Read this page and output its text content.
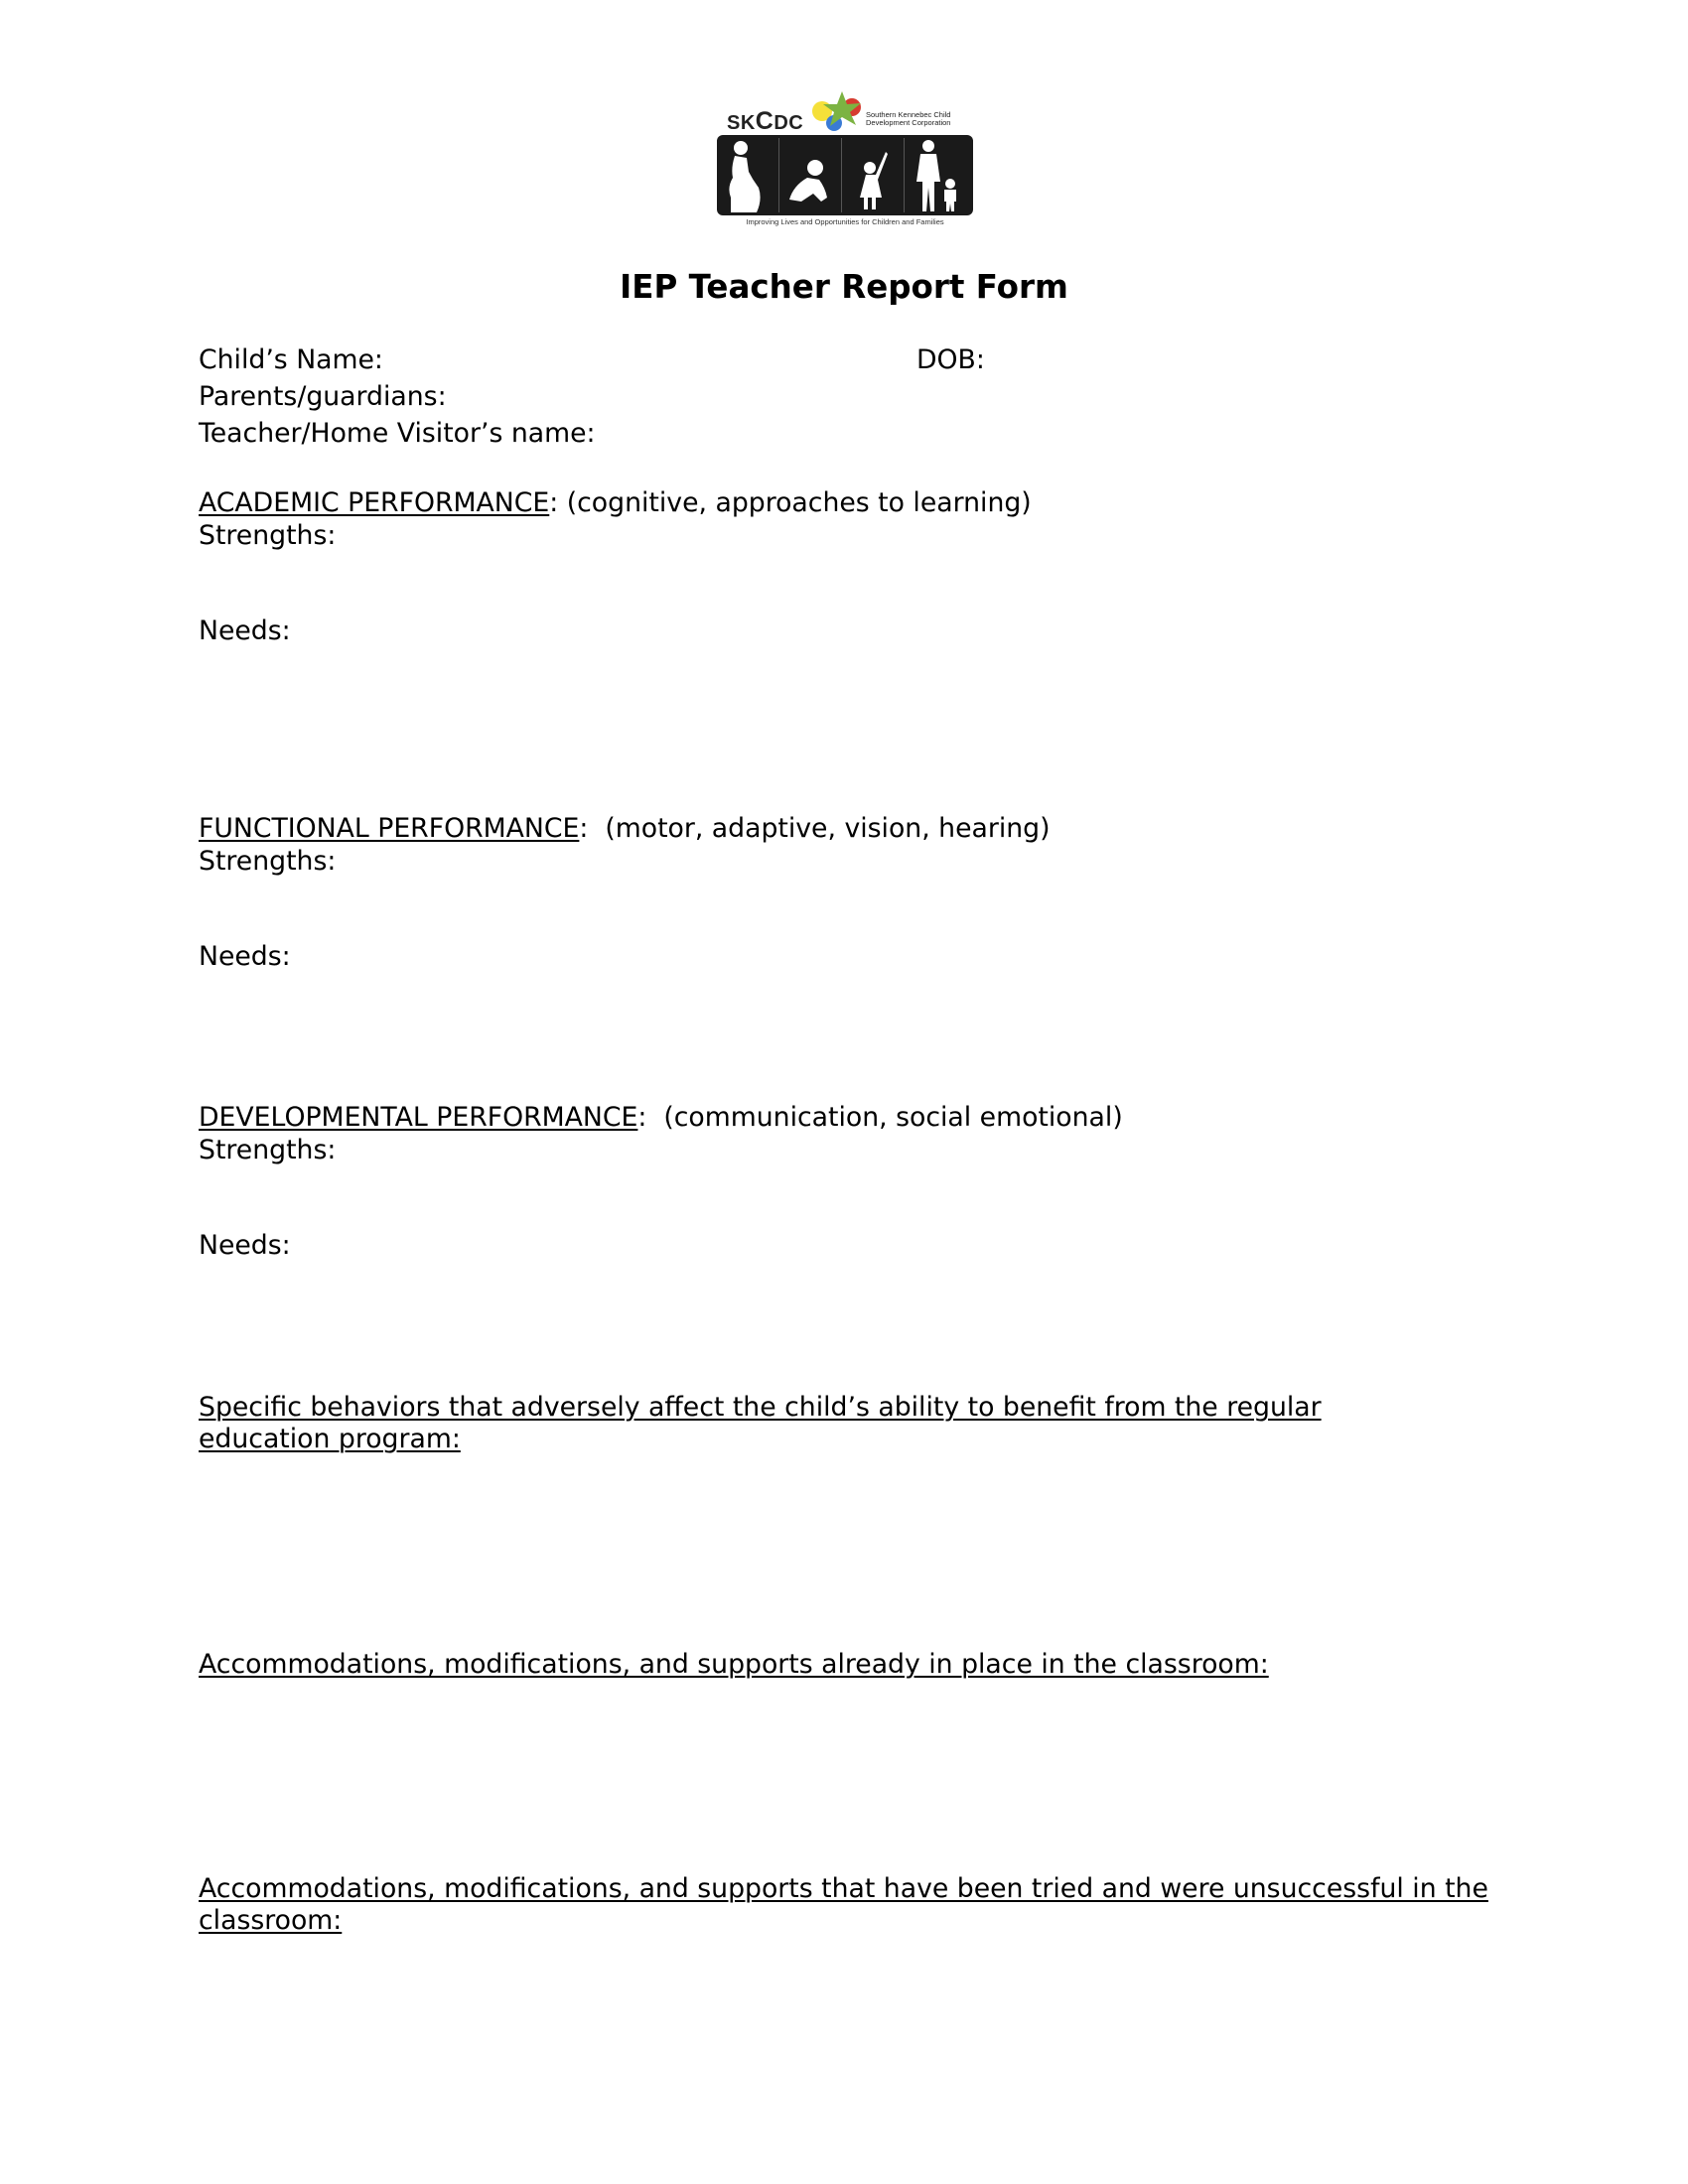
SKCDC	Southern Kennebec Child
Development Corporation
Improving Lives and Opportunities for Children and Families
IEP Teacher Report Form
Child’s Name:	DOB:
Parents/guardians:
Teacher/Home Visitor’s name:
ACADEMIC PERFORMANCE: (cognitive, approaches to learning)
Strengths:
Needs:
FUNCTIONAL PERFORMANCE:  (motor, adaptive, vision, hearing)
Strengths:
Needs:
DEVELOPMENTAL PERFORMANCE:  (communication, social emotional)
Strengths:
Needs:
Specific behaviors that adversely affect the child’s ability to benefit from the regular education program:
Accommodations, modifications, and supports already in place in the classroom:
Accommodations, modifications, and supports that have been tried and were unsuccessful in the classroom:
